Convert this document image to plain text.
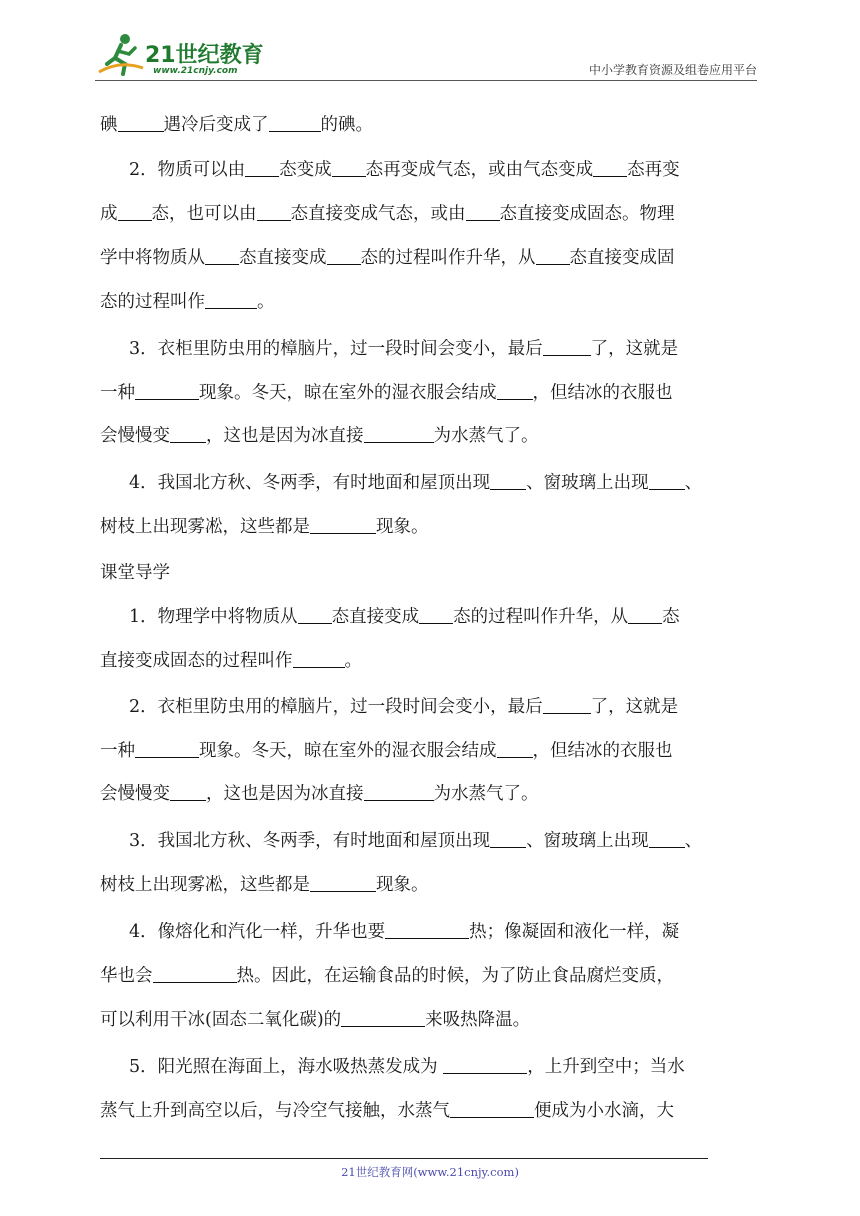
21世纪教育
www.21cnjy.com	中小学教育资源及组卷应用平台
碘	遇冷后变成了	的碘。
2．物质可以由 态变成 态再变成气态，或由气态变成 态再变
成 态，也可以由 态直接变成气态，或由 态直接变成固态。物理
学中将物质从 态直接变成 态的过程叫作升华，从 态直接变成固
态的过程叫作	。
3．衣柜里防虫用的樟脑片，过一段时间会变小，最后	了，这就是
一种	现象。冬天，晾在室外的湿衣服会结成 ，但结冰的衣服也
会慢慢变 ，这也是因为冰直接	为水蒸气了。
4．我国北方秋、冬两季，有时地面和屋顶出现 、窗玻璃上出现 、
树枝上出现雾凇，这些都是	现象。
课堂导学
1．物理学中将物质从 态直接变成 态的过程叫作升华，从 态
直接变成固态的过程叫作	。
2．衣柜里防虫用的樟脑片，过一段时间会变小，最后	了，这就是
一种	现象。冬天，晾在室外的湿衣服会结成 ，但结冰的衣服也
会慢慢变 ，这也是因为冰直接	为水蒸气了。
3．我国北方秋、冬两季，有时地面和屋顶出现 、窗玻璃上出现 、
树枝上出现雾凇，这些都是	现象。
4．像熔化和汽化一样，升华也要	热；像凝固和液化一样，凝
华也会	热。因此，在运输食品的时候，为了防止食品腐烂变质，
可以利用干冰(固态二氧化碳)的	来吸热降温。
5．阳光照在海面上，海水吸热蒸发成为	，上升到空中；当水
蒸气上升到高空以后，与冷空气接触，水蒸气	便成为小水滴，大
21世纪教育网(www.21cnjy.com)
